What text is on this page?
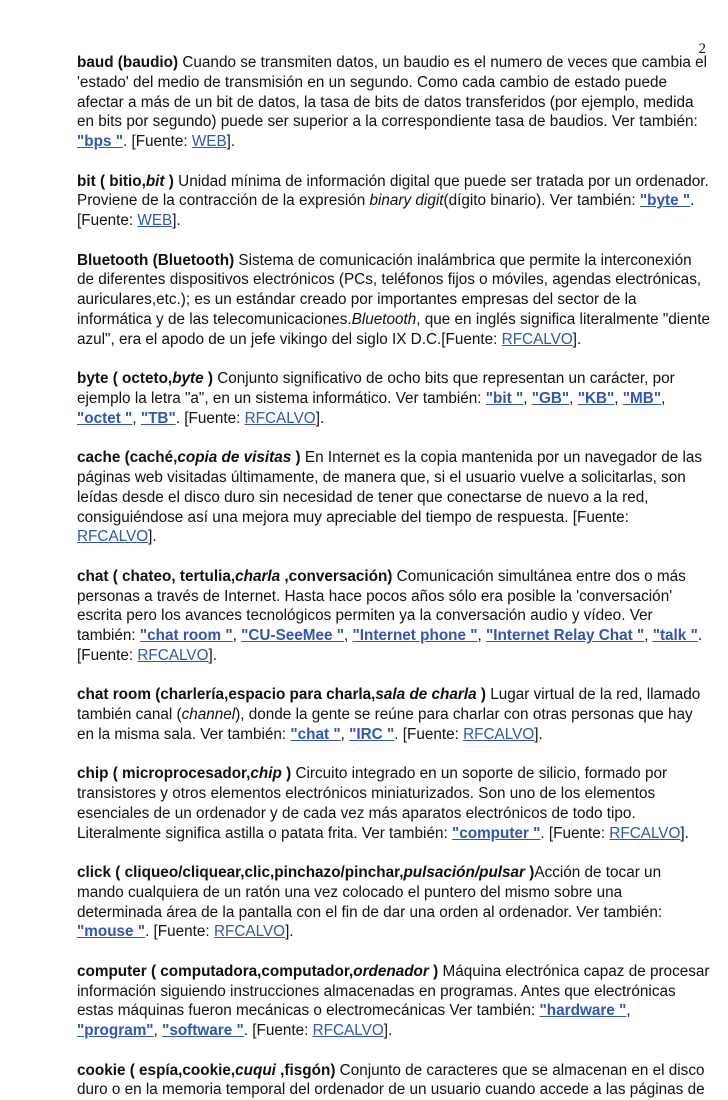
2

baud (baudio) Cuando se transmiten datos, un baudio es el numero de veces que cambia el 'estado' del medio de transmisión en un segundo. Como cada cambio de estado puede afectar a más de un bit de datos, la tasa de bits de datos transferidos (por ejemplo, medida en bits por segundo) puede ser superior a la correspondiente tasa de baudios. Ver también: "bps ". [Fuente: WEB].

bit ( bitio,bit ) Unidad mínima de información digital que puede ser tratada por un ordenador. Proviene de la contracción de la expresión binary digit(dígito binario). Ver también: "byte ". [Fuente: WEB].

Bluetooth (Bluetooth) Sistema de comunicación inalámbrica que permite la interconexión de diferentes dispositivos electrónicos (PCs, teléfonos fijos o móviles, agendas electrónicas, auriculares,etc.); es un estándar creado por importantes empresas del sector de la informática y de las telecomunicaciones.Bluetooth, que en inglés significa literalmente "diente azul", era el apodo de un jefe vikingo del siglo IX D.C.[Fuente: RFCALVO].

byte ( octeto,byte ) Conjunto significativo de ocho bits que representan un carácter, por ejemplo la letra "a", en un sistema informático. Ver también: "bit ", "GB", "KB", "MB", "octet ", "TB". [Fuente: RFCALVO].

cache (caché,copia de visitas ) En Internet es la copia mantenida por un navegador de las páginas web visitadas últimamente, de manera que, si el usuario vuelve a solicitarlas, son leídas desde el disco duro sin necesidad de tener que conectarse de nuevo a la red, consiguiéndose así una mejora muy apreciable del tiempo de respuesta. [Fuente: RFCALVO].

chat ( chateo, tertulia,charla ,conversación) Comunicación simultánea entre dos o más personas a través de Internet. Hasta hace pocos años sólo era posible la 'conversación' escrita pero los avances tecnológicos permiten ya la conversación audio y vídeo. Ver también: "chat room ", "CU-SeeMee ", "Internet phone ", "Internet Relay Chat ", "talk ". [Fuente: RFCALVO].

chat room (charlería,espacio para charla,sala de charla ) Lugar virtual de la red, llamado también canal (channel), donde la gente se reúne para charlar con otras personas que hay en la misma sala. Ver también: "chat ", "IRC ". [Fuente: RFCALVO].

chip ( microprocesador,chip ) Circuito integrado en un soporte de silicio, formado por transistores y otros elementos electrónicos miniaturizados. Son uno de los elementos esenciales de un ordenador y de cada vez más aparatos electrónicos de todo tipo. Literalmente significa astilla o patata frita. Ver también: "computer ". [Fuente: RFCALVO].

click ( cliqueo/cliquear,clic,pinchazo/pinchar,pulsación/pulsar )Acción de tocar un mando cualquiera de un ratón una vez colocado el puntero del mismo sobre una determinada área de la pantalla con el fin de dar una orden al ordenador. Ver también: "mouse ". [Fuente: RFCALVO].

computer ( computadora,computador,ordenador ) Máquina electrónica capaz de procesar información siguiendo instrucciones almacenadas en programas. Antes que electrónicas estas máquinas fueron mecánicas o electromecánicas Ver también: "hardware ", "program", "software ". [Fuente: RFCALVO].

cookie ( espía,cookie,cuqui ,fisgón) Conjunto de caracteres que se almacenan en el disco duro o en la memoria temporal del ordenador de un usuario cuando accede a las páginas de
